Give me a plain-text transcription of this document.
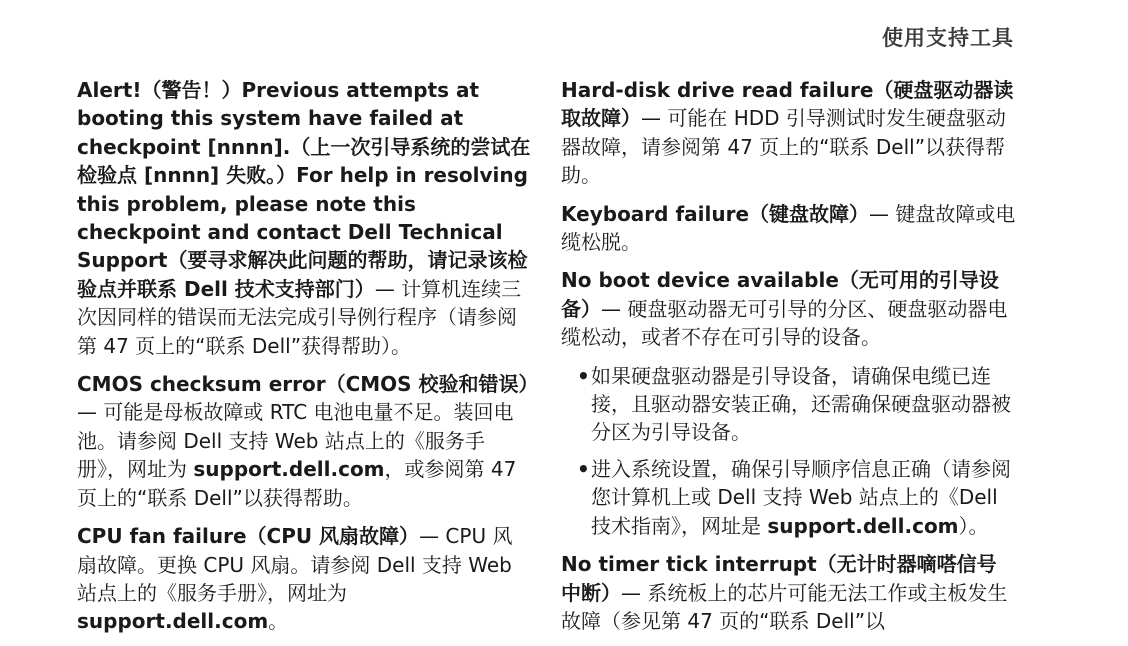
使用支持工具

Alert!（警告！）Previous attempts at booting this system have failed at checkpoint [nnnn].（上一次引导系统的尝试在检验点 [nnnn] 失败。）For help in resolving this problem, please note this checkpoint and contact Dell Technical Support（要寻求解决此问题的帮助，请记录该检验点并联系 Dell 技术支持部门）— 计算机连续三次因同样的错误而无法完成引导例行程序（请参阅第 47 页上的“联系 Dell”获得帮助）。

CMOS checksum error（CMOS 校验和错误）— 可能是母板故障或 RTC 电池电量不足。装回电池。请参阅 Dell 支持 Web 站点上的《服务手册》，网址为 support.dell.com，或参阅第 47 页上的“联系 Dell”以获得帮助。

CPU fan failure（CPU 风扇故障）— CPU 风扇故障。更换 CPU 风扇。请参阅 Dell 支持 Web 站点上的《服务手册》，网址为 support.dell.com。

Hard-disk drive read failure（硬盘驱动器读取故障）— 可能在 HDD 引导测试时发生硬盘驱动器故障，请参阅第 47 页上的“联系 Dell”以获得帮助。

Keyboard failure（键盘故障）— 键盘故障或电缆松脱。

No boot device available（无可用的引导设备）— 硬盘驱动器无可引导的分区、硬盘驱动器电缆松动，或者不存在可引导的设备。

• 如果硬盘驱动器是引导设备，请确保电缆已连接，且驱动器安装正确，还需确保硬盘驱动器被分区为引导设备。
• 进入系统设置，确保引导顺序信息正确（请参阅您计算机上或 Dell 支持 Web 站点上的《Dell 技术指南》，网址是 support.dell.com）。

No timer tick interrupt（无计时器嘀嗒信号中断）— 系统板上的芯片可能无法工作或主板发生故障（参见第 47 页的“联系 Dell”以
